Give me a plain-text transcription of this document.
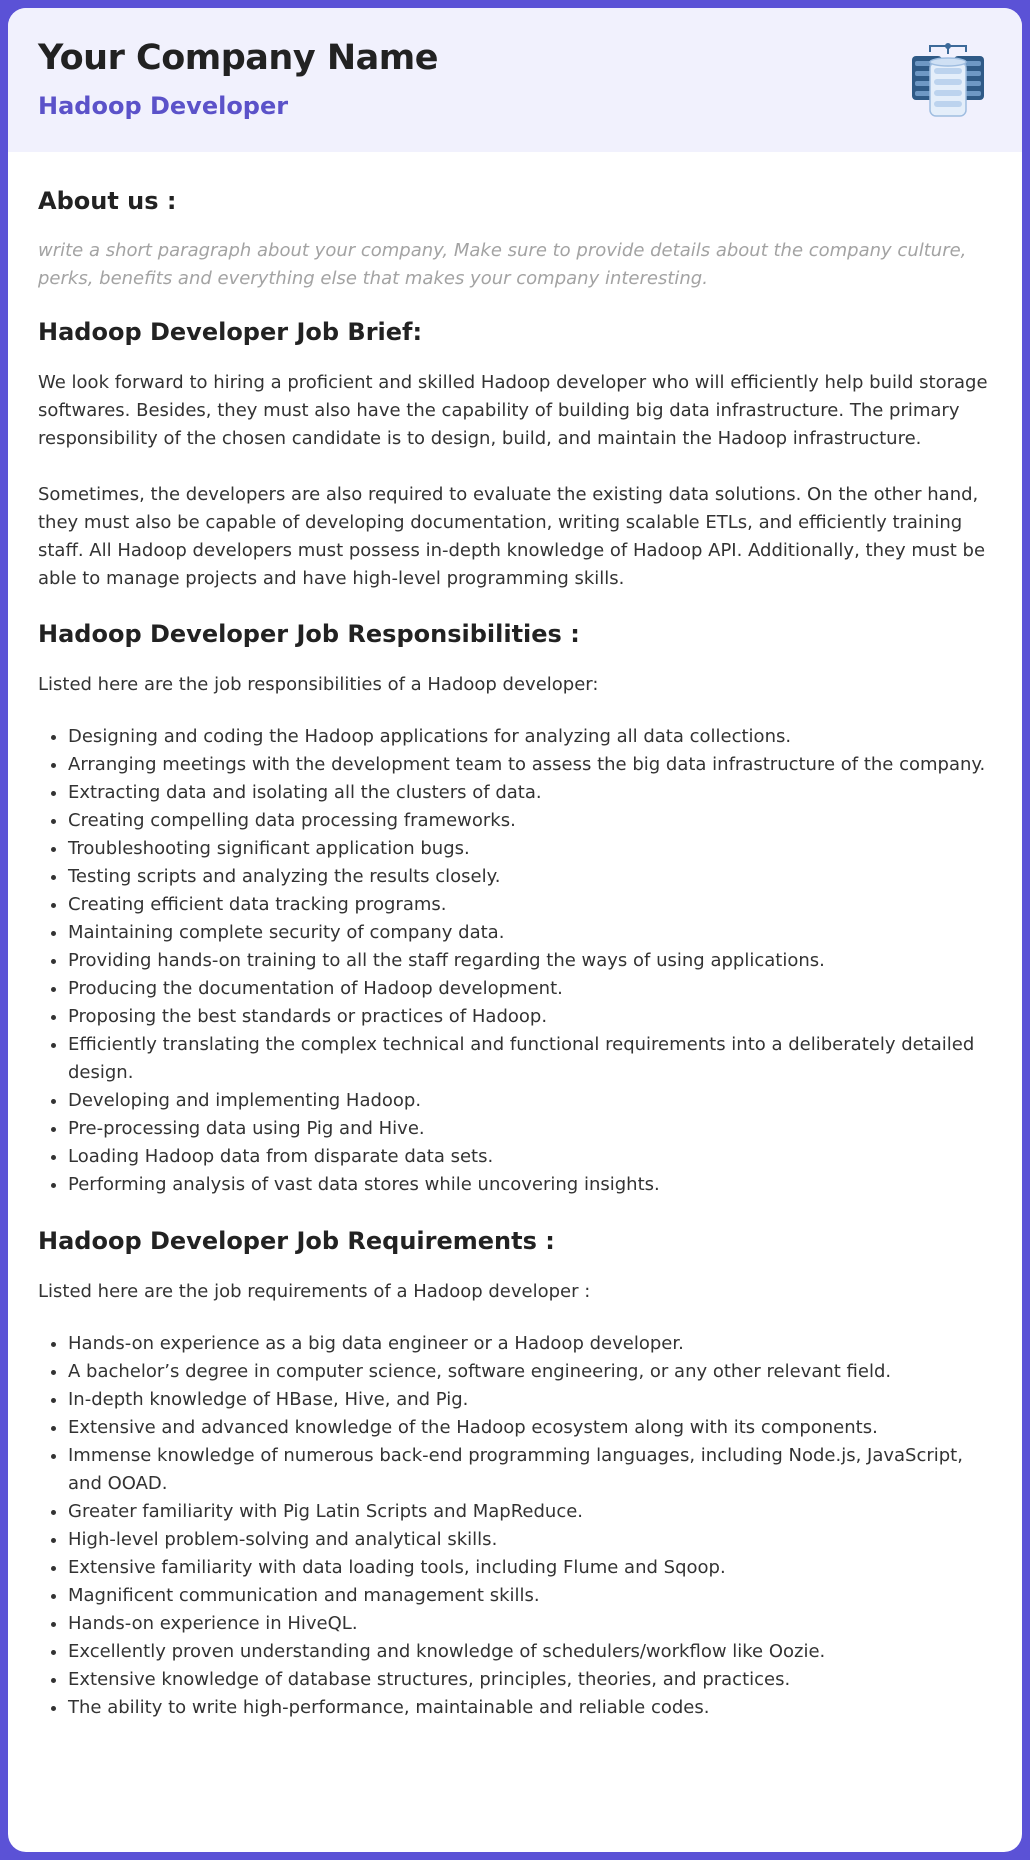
Your Company Name
Hadoop Developer
About us :

write a short paragraph about your company, Make sure to provide details about the company culture, perks, benefits and everything else that makes your company interesting.

Hadoop Developer Job Brief:

We look forward to hiring a proficient and skilled Hadoop developer who will efficiently help build storage softwares. Besides, they must also have the capability of building big data infrastructure. The primary responsibility of the chosen candidate is to design, build, and maintain the Hadoop infrastructure.

Sometimes, the developers are also required to evaluate the existing data solutions. On the other hand, they must also be capable of developing documentation, writing scalable ETLs, and efficiently training staff. All Hadoop developers must possess in-depth knowledge of Hadoop API. Additionally, they must be able to manage projects and have high-level programming skills.

Hadoop Developer Job Responsibilities :

Listed here are the job responsibilities of a Hadoop developer:

• Designing and coding the Hadoop applications for analyzing all data collections.
• Arranging meetings with the development team to assess the big data infrastructure of the company.
• Extracting data and isolating all the clusters of data.
• Creating compelling data processing frameworks.
• Troubleshooting significant application bugs.
• Testing scripts and analyzing the results closely.
• Creating efficient data tracking programs.
• Maintaining complete security of company data.
• Providing hands-on training to all the staff regarding the ways of using applications.
• Producing the documentation of Hadoop development.
• Proposing the best standards or practices of Hadoop.
• Efficiently translating the complex technical and functional requirements into a deliberately detailed design.
• Developing and implementing Hadoop.
• Pre-processing data using Pig and Hive.
• Loading Hadoop data from disparate data sets.
• Performing analysis of vast data stores while uncovering insights.
Hadoop Developer Job Requirements :

Listed here are the job requirements of a Hadoop developer :

• Hands-on experience as a big data engineer or a Hadoop developer.
• A bachelor’s degree in computer science, software engineering, or any other relevant field.
• In-depth knowledge of HBase, Hive, and Pig.
• Extensive and advanced knowledge of the Hadoop ecosystem along with its components.
• Immense knowledge of numerous back-end programming languages, including Node.js, JavaScript, and OOAD.
• Greater familiarity with Pig Latin Scripts and MapReduce.
• High-level problem-solving and analytical skills.
• Extensive familiarity with data loading tools, including Flume and Sqoop.
• Magnificent communication and management skills.
• Hands-on experience in HiveQL.
• Excellently proven understanding and knowledge of schedulers/workflow like Oozie.
• Extensive knowledge of database structures, principles, theories, and practices.
• The ability to write high-performance, maintainable and reliable codes.
